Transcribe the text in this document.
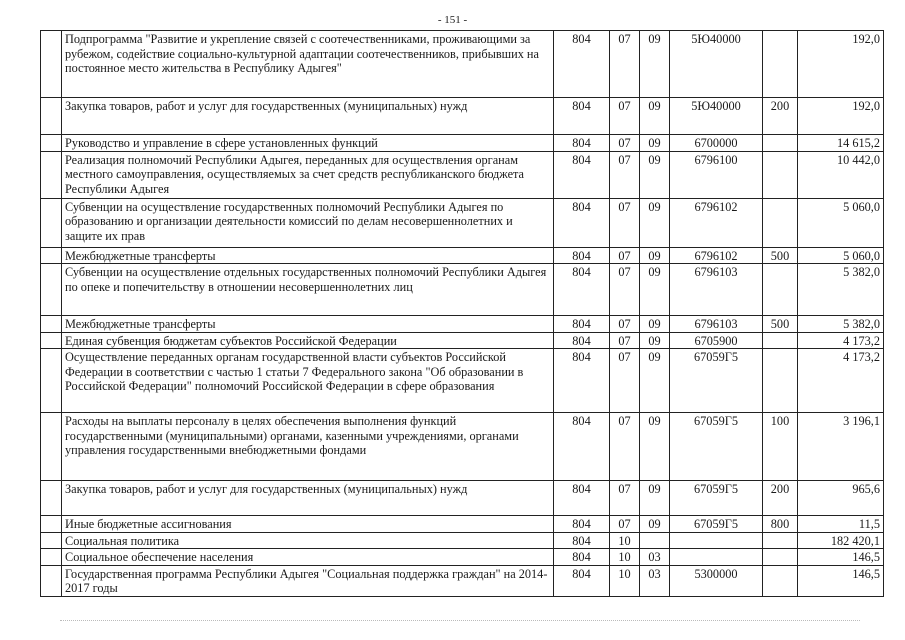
- 151 -
	Подпрограмма "Развитие и укрепление связей с соотечественниками, проживающими за рубежом, содействие социально-культурной адаптации соотечественников, прибывших на постоянное место жительства в Республику Адыгея"	804	07	09	5Ю40000		192,0
	Закупка товаров, работ и услуг для государственных (муниципальных) нужд	804	07	09	5Ю40000	200	192,0
	Руководство и управление в сфере установленных функций	804	07	09	6700000		14 615,2
	Реализация полномочий Республики Адыгея, переданных для осуществления органам местного самоуправления, осуществляемых за счет средств республиканского бюджета Республики Адыгея	804	07	09	6796100		10 442,0
	Субвенции на осуществление государственных полномочий Республики Адыгея по образованию и организации деятельности комиссий по делам несовершеннолетних и защите их прав	804	07	09	6796102		5 060,0
	Межбюджетные трансферты	804	07	09	6796102	500	5 060,0
	Субвенции на осуществление отдельных государственных полномочий Республики Адыгея по опеке и попечительству в отношении несовершеннолетних лиц	804	07	09	6796103		5 382,0
	Межбюджетные трансферты	804	07	09	6796103	500	5 382,0
	Единая субвенция бюджетам субъектов Российской Федерации	804	07	09	6705900		4 173,2
	Осуществление переданных органам государственной власти субъектов Российской Федерации в соответствии с частью 1 статьи 7 Федерального закона "Об образовании в Российской Федерации" полномочий Российской Федерации в сфере образования	804	07	09	67059Г5		4 173,2
	Расходы на выплаты персоналу в целях обеспечения выполнения функций государственными (муниципальными) органами, казенными учреждениями, органами управления государственными внебюджетными фондами	804	07	09	67059Г5	100	3 196,1
	Закупка товаров, работ и услуг для государственных (муниципальных) нужд	804	07	09	67059Г5	200	965,6
	Иные бюджетные ассигнования	804	07	09	67059Г5	800	11,5
	Социальная политика	804	10				182 420,1
	Социальное обеспечение населения	804	10	03			146,5
	Государственная программа Республики Адыгея "Социальная поддержка граждан" на 2014-2017 годы	804	10	03	5300000		146,5
